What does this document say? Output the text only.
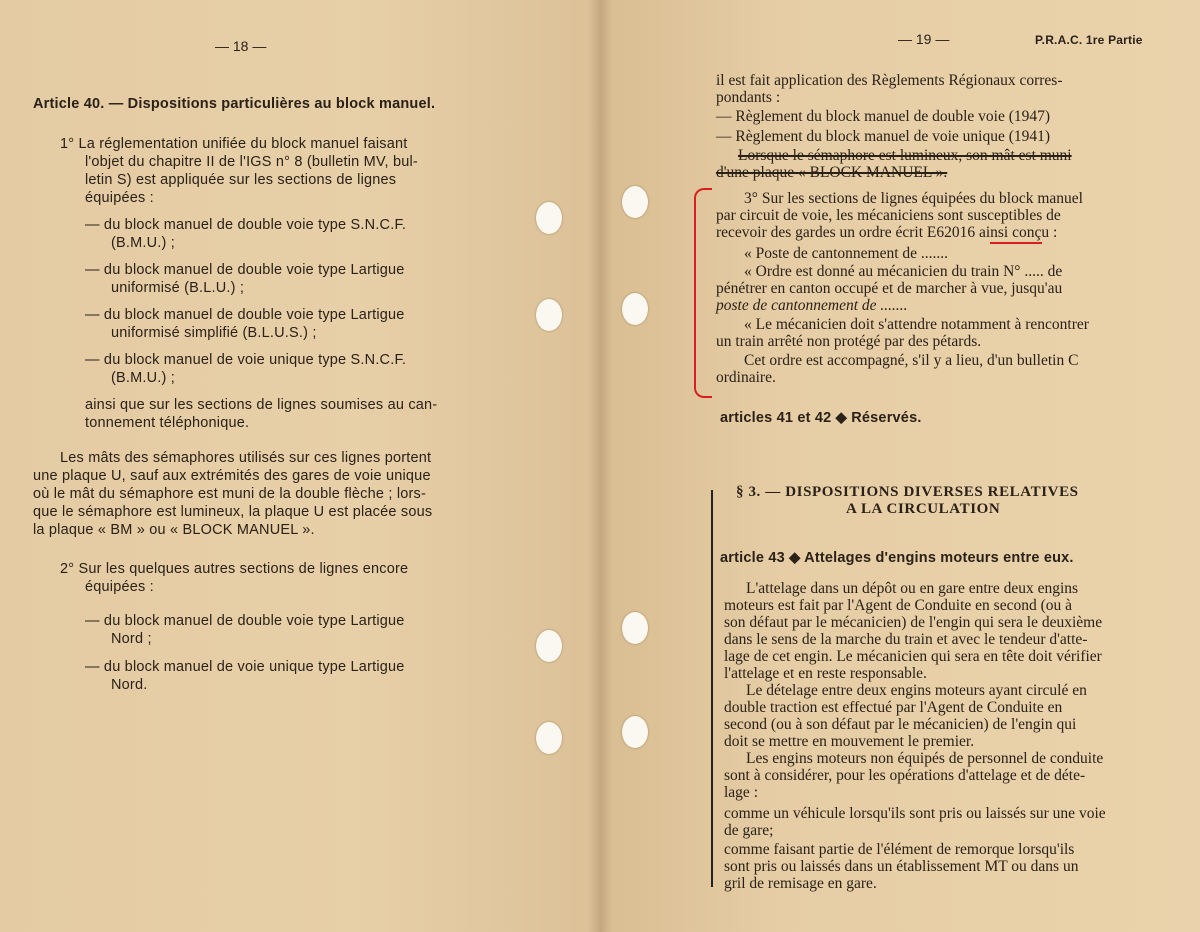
— 18 —
Article 40. — Dispositions particulières au block manuel.
1° La réglementation unifiée du block manuel faisant
l'objet du chapitre II de l'IGS n° 8 (bulletin MV, bul-
letin S) est appliquée sur les sections de lignes
équipées :
— du block manuel de double voie type S.N.C.F.
(B.M.U.) ;
— du block manuel de double voie type Lartigue
uniformisé (B.L.U.) ;
— du block manuel de double voie type Lartigue
uniformisé simplifié (B.L.U.S.) ;
— du block manuel de voie unique type S.N.C.F.
(B.M.U.) ;
ainsi que sur les sections de lignes soumises au can-
tonnement téléphonique.
Les mâts des sémaphores utilisés sur ces lignes portent
une plaque U, sauf aux extrémités des gares de voie unique
où le mât du sémaphore est muni de la double flèche ; lors-
que le sémaphore est lumineux, la plaque U est placée sous
la plaque « BM » ou « BLOCK MANUEL ».
2° Sur les quelques autres sections de lignes encore
équipées :
— du block manuel de double voie type Lartigue
Nord ;
— du block manuel de voie unique type Lartigue
Nord.
— 19 —	P.R.A.C. 1re Partie
il est fait application des Règlements Régionaux corres-
pondants :
— Règlement du block manuel de double voie (1947)
— Règlement du block manuel de voie unique (1941)
Lorsque le sémaphore est lumineux, son mât est muni
d'une plaque « BLOCK MANUEL ».
3° Sur les sections de lignes équipées du block manuel
par circuit de voie, les mécaniciens sont susceptibles de
recevoir des gardes un ordre écrit E62016 ainsi conçu :
« Poste de cantonnement de .......
« Ordre est donné au mécanicien du train N° ..... de
pénétrer en canton occupé et de marcher à vue, jusqu'au
poste de cantonnement de .......
« Le mécanicien doit s'attendre notamment à rencontrer
un train arrêté non protégé par des pétards.
Cet ordre est accompagné, s'il y a lieu, d'un bulletin C
ordinaire.
articles 41 et 42 ◆ Réservés.
§ 3. — DISPOSITIONS DIVERSES RELATIVES
A LA CIRCULATION
article 43 ◆ Attelages d'engins moteurs entre eux.
L'attelage dans un dépôt ou en gare entre deux engins
moteurs est fait par l'Agent de Conduite en second (ou à
son défaut par le mécanicien) de l'engin qui sera le deuxième
dans le sens de la marche du train et avec le tendeur d'atte-
lage de cet engin. Le mécanicien qui sera en tête doit vérifier
l'attelage et en reste responsable.
Le dételage entre deux engins moteurs ayant circulé en
double traction est effectué par l'Agent de Conduite en
second (ou à son défaut par le mécanicien) de l'engin qui
doit se mettre en mouvement le premier.
Les engins moteurs non équipés de personnel de conduite
sont à considérer, pour les opérations d'attelage et de déte-
lage :
comme un véhicule lorsqu'ils sont pris ou laissés sur une voie
de gare;
comme faisant partie de l'élément de remorque lorsqu'ils
sont pris ou laissés dans un établissement MT ou dans un
gril de remisage en gare.
